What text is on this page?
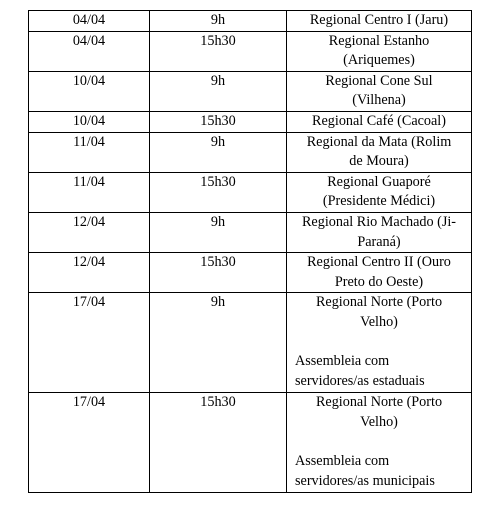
04/04	9h	Regional Centro I (Jaru)

04/04	15h30	Regional Estanho
(Ariquemes)

10/04	9h	Regional Cone Sul
(Vilhena)

10/04	15h30	Regional Café (Cacoal)

11/04	9h	Regional da Mata (Rolim
de Moura)

11/04	15h30	Regional Guaporé
(Presidente Médici)

12/04	9h	Regional Rio Machado (Ji-
Paraná)

12/04	15h30	Regional Centro II (Ouro
Preto do Oeste)

17/04	9h	Regional Norte (Porto
Velho)
Assembleia com
servidores/as estaduais

17/04	15h30	Regional Norte (Porto
Velho)
Assembleia com
servidores/as municipais
